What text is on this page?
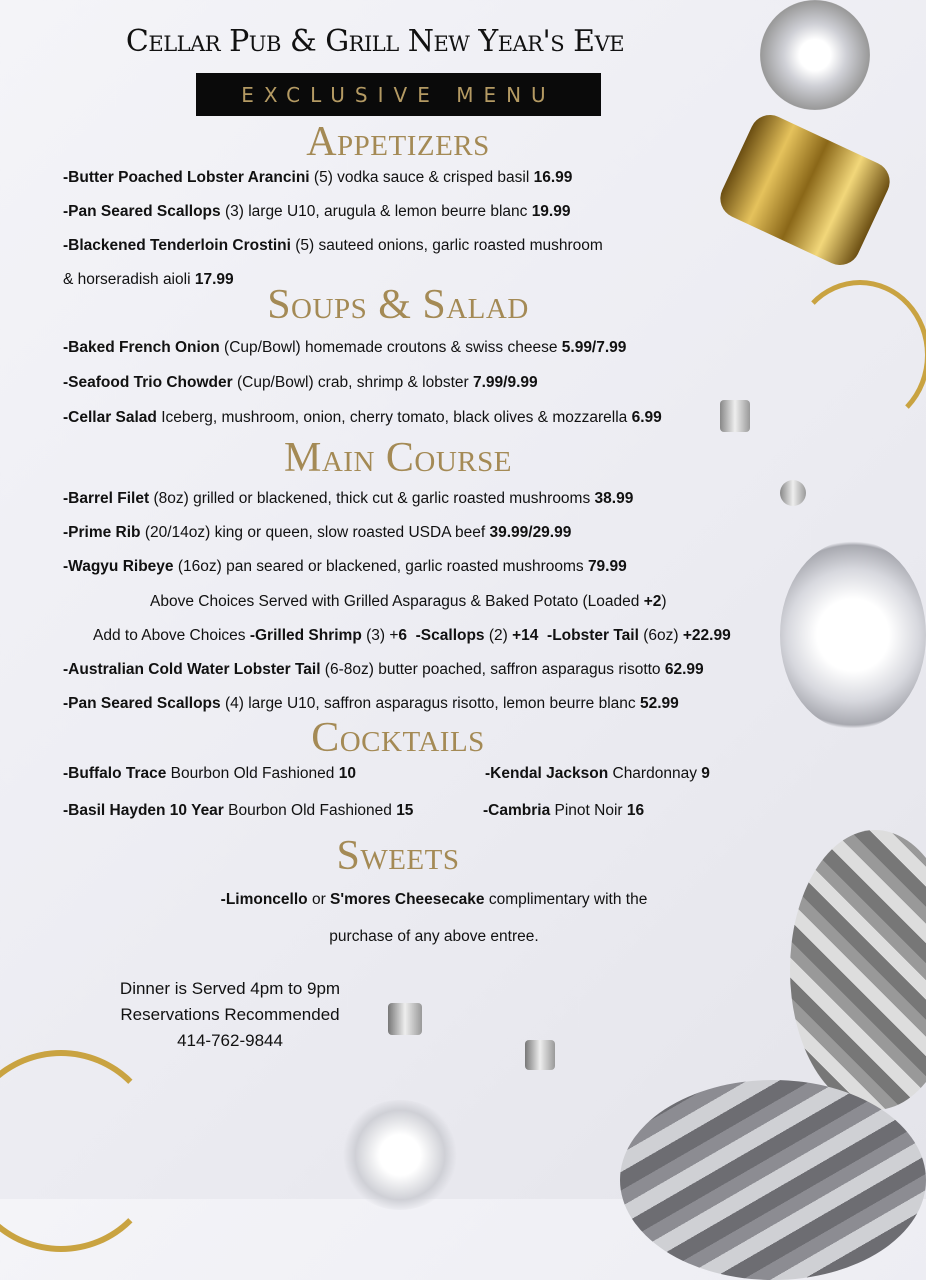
Cellar Pub & Grill New Year's Eve
EXCLUSIVE MENU
Appetizers
-Butter Poached Lobster Arancini (5) vodka sauce & crisped basil 16.99
-Pan Seared Scallops (3) large U10, arugula & lemon beurre blanc 19.99
-Blackened Tenderloin Crostini (5) sauteed onions, garlic roasted mushroom
& horseradish aioli 17.99
Soups & Salad
-Baked French Onion (Cup/Bowl) homemade croutons & swiss cheese 5.99/7.99
-Seafood Trio Chowder (Cup/Bowl) crab, shrimp & lobster 7.99/9.99
-Cellar Salad Iceberg, mushroom, onion, cherry tomato, black olives & mozzarella 6.99
Main Course
-Barrel Filet (8oz) grilled or blackened, thick cut & garlic roasted mushrooms 38.99
-Prime Rib (20/14oz) king or queen, slow roasted USDA beef 39.99/29.99
-Wagyu Ribeye (16oz) pan seared or blackened, garlic roasted mushrooms 79.99
Above Choices Served with Grilled Asparagus & Baked Potato (Loaded +2)
Add to Above Choices -Grilled Shrimp (3) +6  -Scallops (2) +14  -Lobster Tail (6oz) +22.99
-Australian Cold Water Lobster Tail (6-8oz) butter poached, saffron asparagus risotto 62.99
-Pan Seared Scallops (4) large U10, saffron asparagus risotto, lemon beurre blanc 52.99
Cocktails
-Buffalo Trace Bourbon Old Fashioned 10	-Kendal Jackson Chardonnay 9
-Basil Hayden 10 Year Bourbon Old Fashioned 15	-Cambria Pinot Noir 16
Sweets
-Limoncello or S'mores Cheesecake complimentary with the
purchase of any above entree.
Dinner is Served 4pm to 9pm
Reservations Recommended
414-762-9844
